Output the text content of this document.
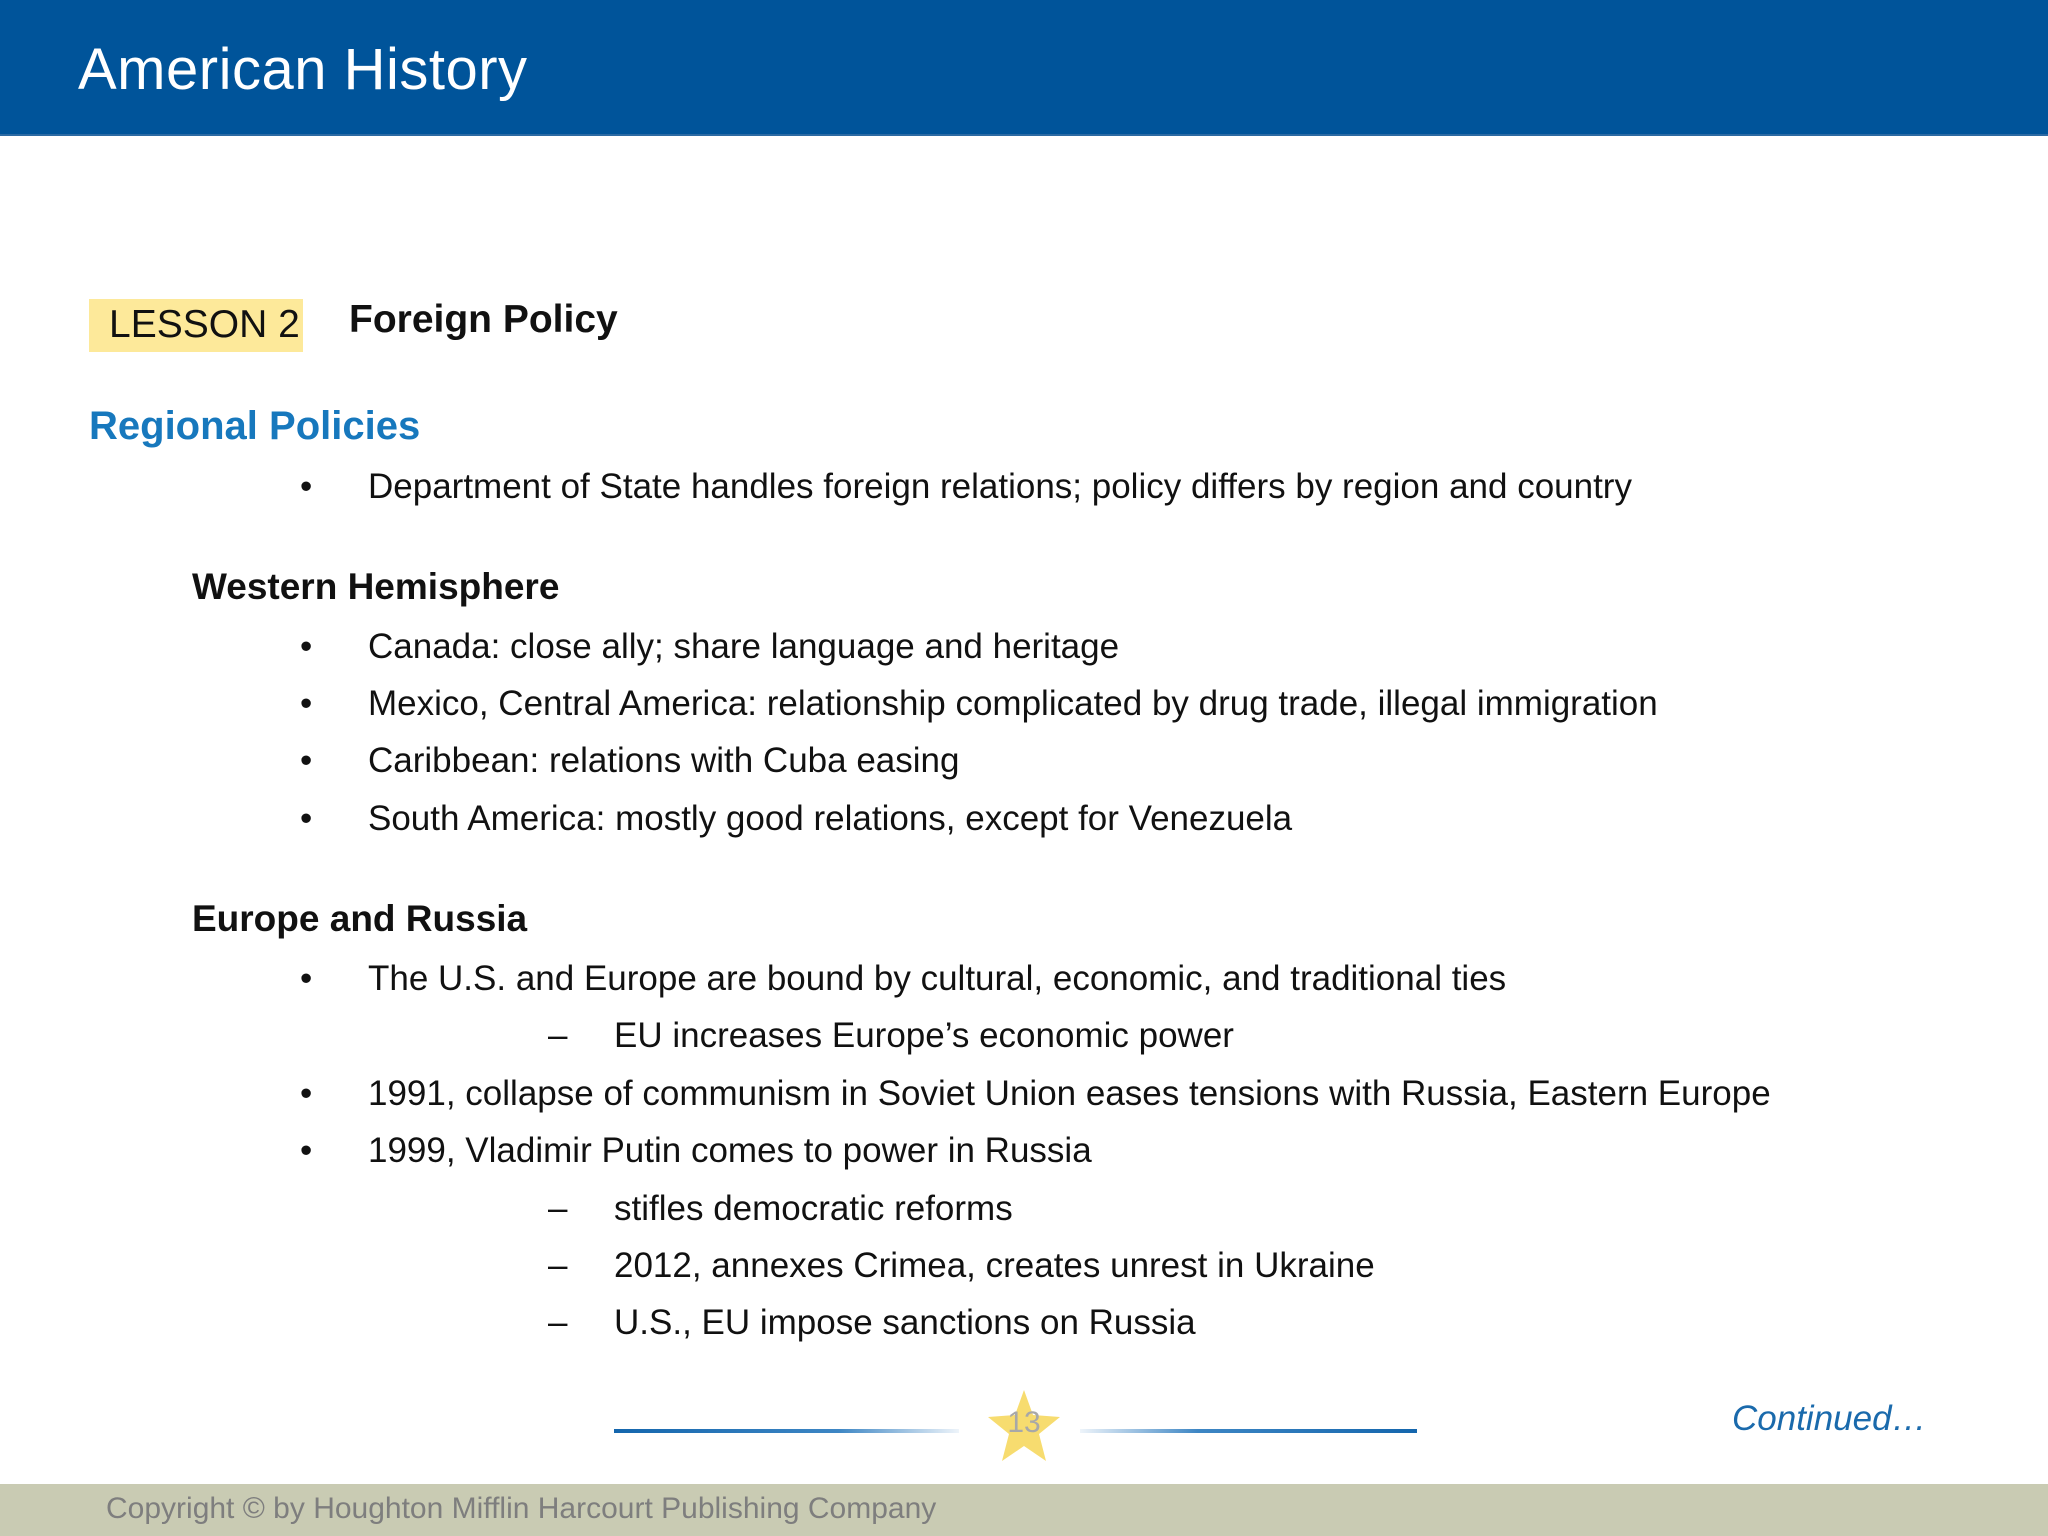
American History
LESSON 2 Foreign Policy
Regional Policies
• Department of State handles foreign relations; policy differs by region and country
Western Hemisphere
• Canada: close ally; share language and heritage
• Mexico, Central America: relationship complicated by drug trade, illegal immigration
• Caribbean: relations with Cuba easing
• South America: mostly good relations, except for Venezuela
Europe and Russia
• The U.S. and Europe are bound by cultural, economic, and traditional ties
– EU increases Europe’s economic power
• 1991, collapse of communism in Soviet Union eases tensions with Russia, Eastern Europe
• 1999, Vladimir Putin comes to power in Russia
– stifles democratic reforms
– 2012, annexes Crimea, creates unrest in Ukraine
– U.S., EU impose sanctions on Russia
13	Continued…
Copyright © by Houghton Mifflin Harcourt Publishing Company
